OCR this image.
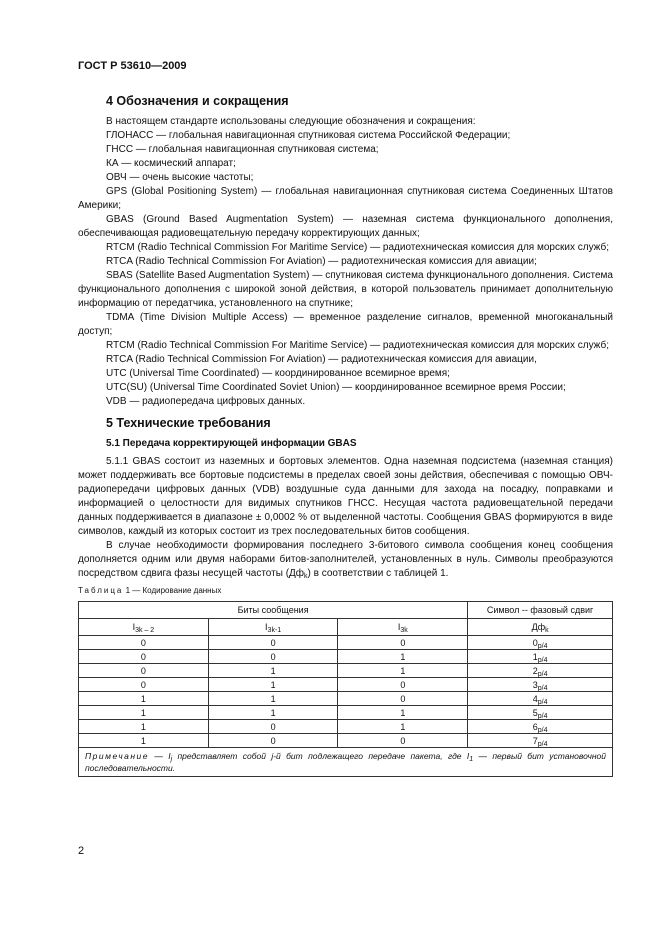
ГОСТ Р 53610—2009
4 Обозначения и сокращения

В настоящем стандарте использованы следующие обозначения и сокращения:

ГЛОНАСС — глобальная навигационная спутниковая система Российской Федерации;

ГНСС — глобальная навигационная спутниковая система;

КА — космический аппарат;

ОВЧ — очень высокие частоты;

GPS (Global Positioning System) — глобальная навигационная спутниковая система Соединенных Штатов Америки;

GBAS (Ground Based Augmentation System) — наземная система функционального дополнения, обеспечивающая радиовещательную передачу корректирующих данных;

RTCM (Radio Technical Commission For Maritime Service) — радиотехническая комиссия для морских служб;

RTCA (Radio Technical Commission For Aviation) — радиотехническая комиссия для авиации;

SBAS (Satellite Based Augmentation System) — спутниковая система функционального дополнения. Система функционального дополнения с широкой зоной действия, в которой пользователь принимает дополнительную информацию от передатчика, установленного на спутнике;

TDMA (Time Division Multiple Access) — временное разделение сигналов, временной многоканальный доступ;

RTCM (Radio Technical Commission For Maritime Service) — радиотехническая комиссия для морских служб;

RTCA (Radio Technical Commission For Aviation) — радиотехническая комиссия для авиации,

UTC (Universal Time Coordinated) — координированное всемирное время;

UTC(SU) (Universal Time Coordinated Soviet Union) — координированное всемирное время России;

VDB — радиопередача цифровых данных.

5 Технические требования
5.1 Передача корректирующей информации GBAS

5.1.1 GBAS состоит из наземных и бортовых элементов. Одна наземная подсистема (наземная станция) может поддерживать все бортовые подсистемы в пределах своей зоны действия, обеспечивая с помощью ОВЧ-радиопередачи цифровых данных (VDB) воздушные суда данными для захода на посадку, поправками и информацией о целостности для видимых спутников ГНСС. Несущая частота радиовещательной передачи данных поддерживается в диапазоне ± 0,0002 % от выделенной частоты. Сообщения GBAS формируются в виде символов, каждый из которых состоит из трех последовательных битов сообщения.

В случае необходимости формирования последнего 3-битового символа сообщения конец сообщения дополняется одним или двумя наборами битов-заполнителей, установленных в нуль. Символы преобразуются посредством сдвига фазы несущей частоты $(Дф_k)$ в соответствии с таблицей 1.

Таблица 1 — Кодирование данных
Биты сообщения			Символ -- фазовый сдвиг
$I_{3k - 2}$	$I_{3k-1}$	$I_{3k}$	$Дф_k$
0	0	0	$0_{p/4}$
0	0	1	$1_{p/4}$
0	1	1	$2_{p/4}$
0	1	0	$3_{p/4}$
1	1	0	$4_{p/4}$
1	1	1	$5_{p/4}$
1	0	1	$6_{p/4}$
1	0	0	$7_{p/4}$
Примечание — $I_j$ представляет собой j-й бит подлежащего передаче пакета, где $I_1$ — первый бит установочной последовательности.			
2
